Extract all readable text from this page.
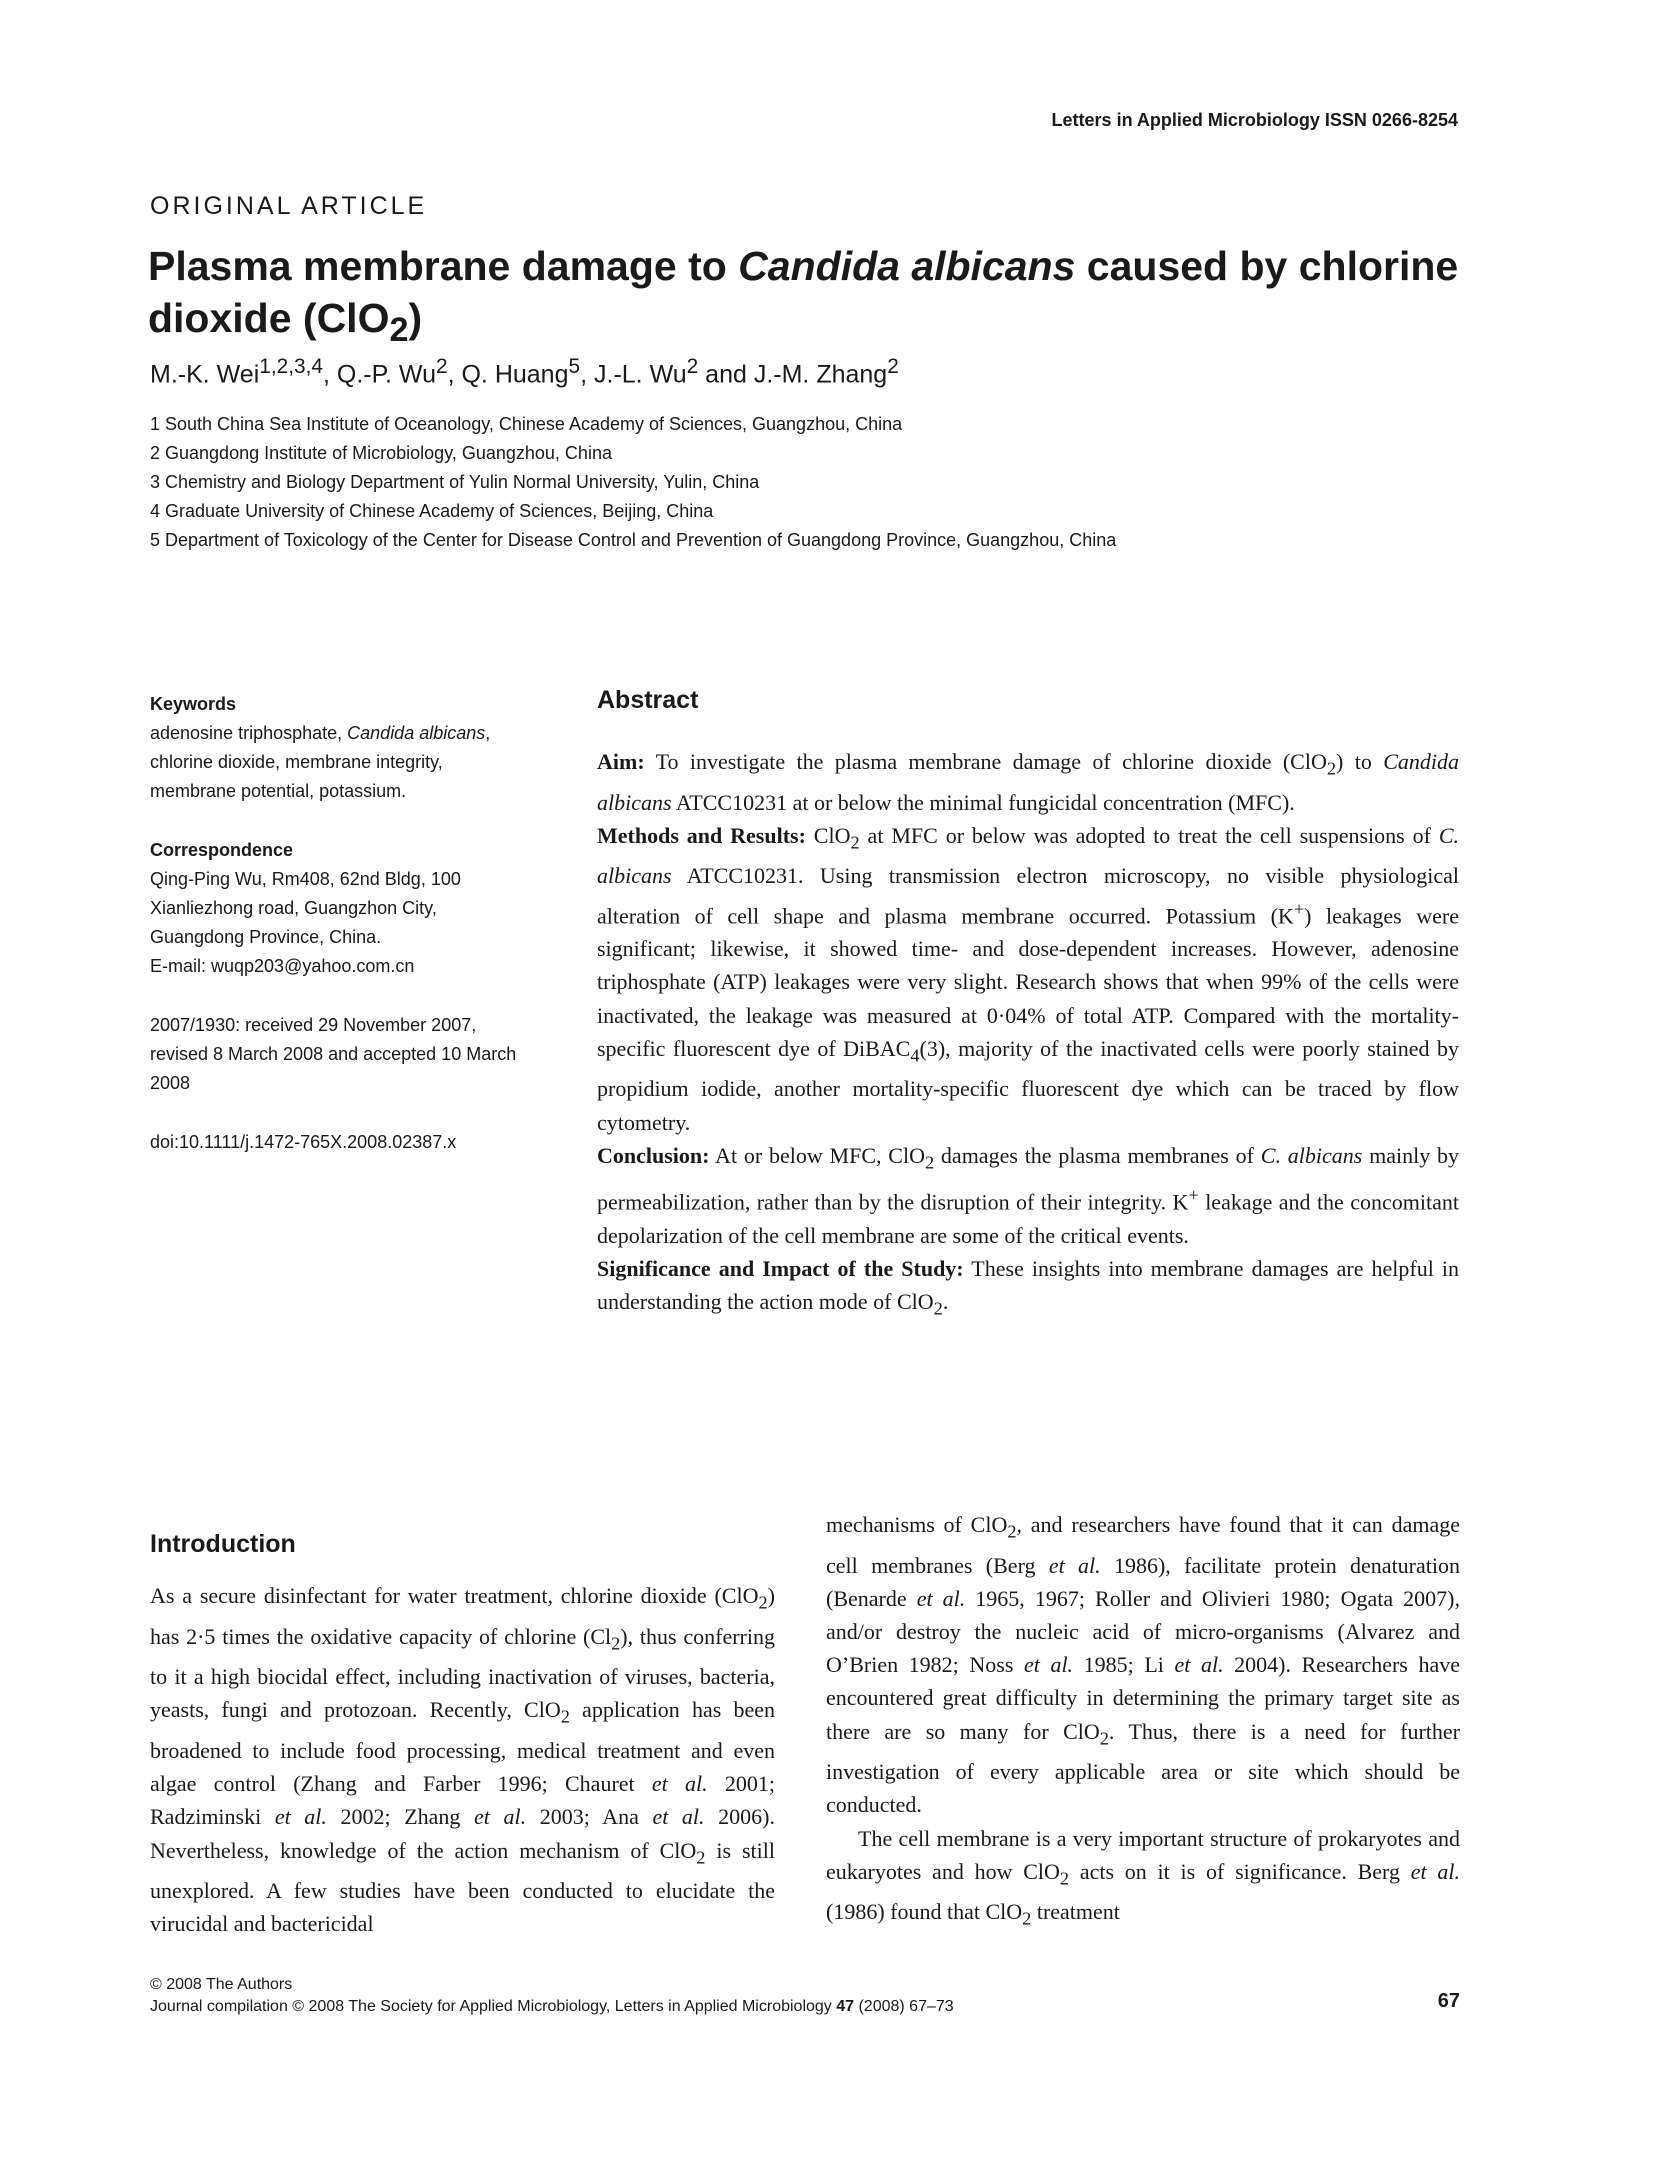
Letters in Applied Microbiology ISSN 0266-8254
ORIGINAL ARTICLE
Plasma membrane damage to Candida albicans caused by chlorine dioxide (ClO$_2$)
M.-K. Wei$^{1,2,3,4}$, Q.-P. Wu$^2$, Q. Huang$^5$, J.-L. Wu$^2$ and J.-M. Zhang$^2$
1 South China Sea Institute of Oceanology, Chinese Academy of Sciences, Guangzhou, China
2 Guangdong Institute of Microbiology, Guangzhou, China
3 Chemistry and Biology Department of Yulin Normal University, Yulin, China
4 Graduate University of Chinese Academy of Sciences, Beijing, China
5 Department of Toxicology of the Center for Disease Control and Prevention of Guangdong Province, Guangzhou, China

Keywords

adenosine triphosphate, Candida albicans, chlorine dioxide, membrane integrity, membrane potential, potassium.

Correspondence

Qing-Ping Wu, Rm408, 62nd Bldg, 100 Xianliezhong road, Guangzhon City, Guangdong Province, China.

E-mail: wuqp203@yahoo.com.cn

2007/1930: received 29 November 2007, revised 8 March 2008 and accepted 10 March 2008

doi:10.1111/j.1472-765X.2008.02387.x

Abstract

Aim: To investigate the plasma membrane damage of chlorine dioxide (ClO$_2$) to Candida albicans ATCC10231 at or below the minimal fungicidal concentration (MFC).

Methods and Results: ClO$_2$ at MFC or below was adopted to treat the cell suspensions of C. albicans ATCC10231. Using transmission electron microscopy, no visible physiological alteration of cell shape and plasma membrane occurred. Potassium (K+) leakages were significant; likewise, it showed time- and dose-dependent increases. However, adenosine triphosphate (ATP) leakages were very slight. Research shows that when 99% of the cells were inactivated, the leakage was measured at 0·04% of total ATP. Compared with the mortality-specific fluorescent dye of DiBAC$_4$(3), majority of the inactivated cells were poorly stained by propidium iodide, another mortality-specific fluorescent dye which can be traced by flow cytometry.

Conclusion: At or below MFC, ClO$_2$ damages the plasma membranes of C. albicans mainly by permeabilization, rather than by the disruption of their integrity. K+ leakage and the concomitant depolarization of the cell membrane are some of the critical events.

Significance and Impact of the Study: These insights into membrane damages are helpful in understanding the action mode of ClO$_2$.

Introduction

As a secure disinfectant for water treatment, chlorine dioxide (ClO$_2$) has 2·5 times the oxidative capacity of chlorine $(Cl_2)$, thus conferring to it a high biocidal effect, including inactivation of viruses, bacteria, yeasts, fungi and protozoan. Recently, ClO$_2$ application has been broadened to include food processing, medical treatment and even algae control (Zhang and Farber 1996; Chauret et al. 2001; Radziminski et al. 2002; Zhang et al. 2003; Ana et al. 2006). Nevertheless, knowledge of the action mechanism of ClO$_2$ is still unexplored. A few studies have been conducted to elucidate the virucidal and bactericidal

mechanisms of ClO$_2$, and researchers have found that it can damage cell membranes (Berg et al. 1986), facilitate protein denaturation (Benarde et al. 1965, 1967; Roller and Olivieri 1980; Ogata 2007), and/or destroy the nucleic acid of micro-organisms (Alvarez and O’Brien 1982; Noss et al. 1985; Li et al. 2004). Researchers have encountered great difficulty in determining the primary target site as there are so many for ClO$_2$. Thus, there is a need for further investigation of every applicable area or site which should be conducted.

The cell membrane is a very important structure of prokaryotes and eukaryotes and how ClO$_2$ acts on it is of significance. Berg et al. (1986) found that ClO$_2$ treatment

© 2008 The Authors
Journal compilation © 2008 The Society for Applied Microbiology, Letters in Applied Microbiology 47 (2008) 67–73	67
